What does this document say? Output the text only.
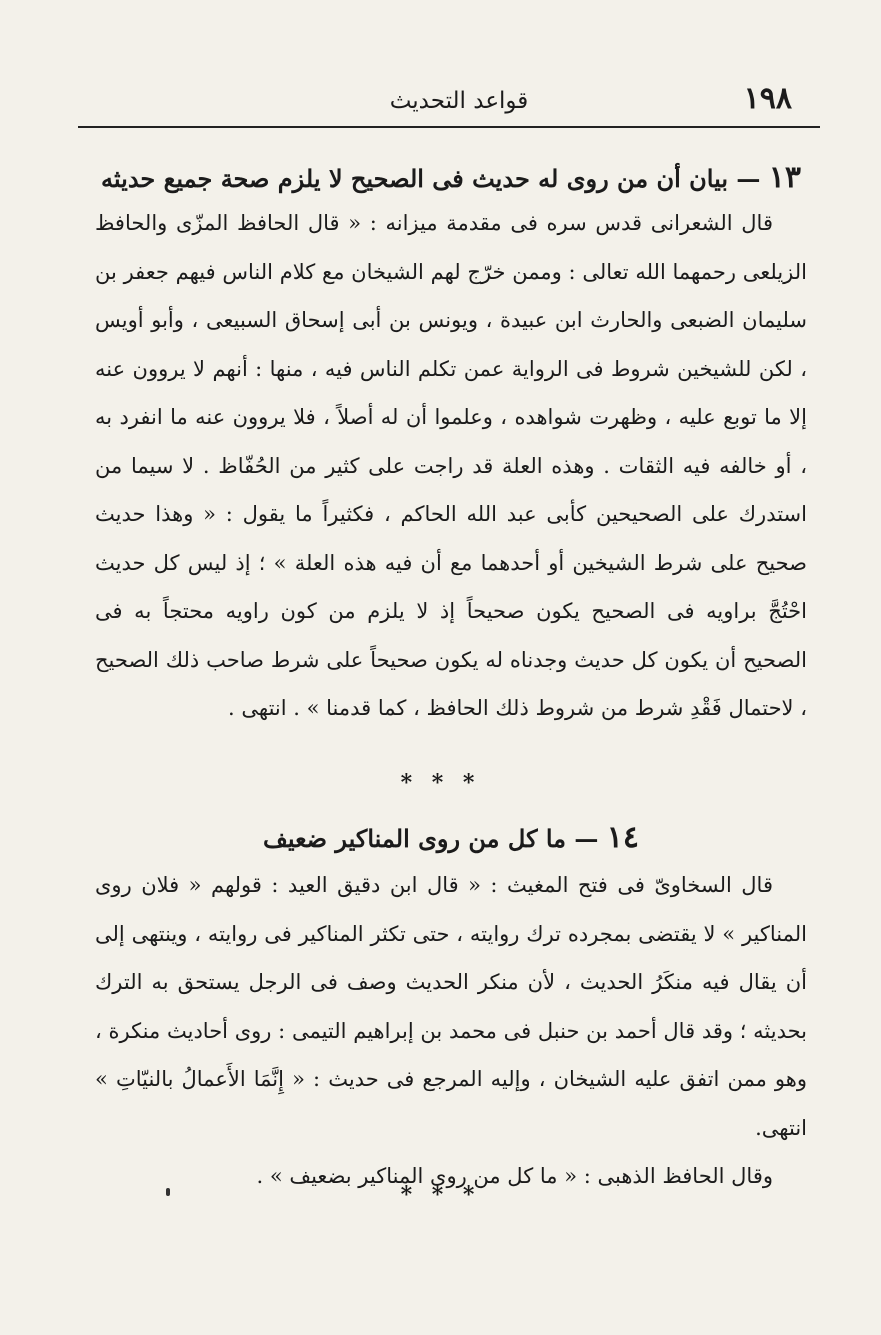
١٩٨
قواعد التحديث
١٣ — بيان أن من روى له حديث فى الصحيح لا يلزم صحة جميع حديثه

قال الشعرانى قدس سره فى مقدمة ميزانه : « قال الحافظ المزّى والحافظ الزيلعى رحمهما الله تعالى : وممن خرّج لهم الشيخان مع كلام الناس فيهم جعفر بن سليمان الضبعى والحارث ابن عبيدة ، ويونس بن أبى إسحاق السبيعى ، وأبو أويس ، لكن للشيخين شروط فى الرواية عمن تكلم الناس فيه ، منها : أنهم لا يروون عنه إلا ما توبع عليه ، وظهرت شواهده ، وعلموا أن له أصلاً ، فلا يروون عنه ما انفرد به ، أو خالفه فيه الثقات . وهذه العلة قد راجت على كثير من الحُفّاظ . لا سيما من استدرك على الصحيحين كأبى عبد الله الحاكم ، فكثيراً ما يقول : « وهذا حديث صحيح على شرط الشيخين أو أحدهما مع أن فيه هذه العلة » ؛ إذ ليس كل حديث احْتُجَّ براويه فى الصحيح يكون صحيحاً إذ لا يلزم من كون راويه محتجاً به فى الصحيح أن يكون كل حديث وجدناه له يكون صحيحاً على شرط صاحب ذلك الصحيح ، لاحتمال فَقْدِ شرط من شروط ذلك الحافظ ، كما قدمنا » . انتهى .

* * *
١٤ — ما كل من روى المناكير ضعيف

قال السخاوىّ فى فتح المغيث : « قال ابن دقيق العيد : قولهم « فلان روى المناكير » لا يقتضى بمجرده ترك روايته ، حتى تكثر المناكير فى روايته ، وينتهى إلى أن يقال فيه منكَرُ الحديث ، لأن منكر الحديث وصف فى الرجل يستحق به الترك بحديثه ؛ وقد قال أحمد بن حنبل فى محمد بن إبراهيم التيمى : روى أحاديث منكرة ، وهو ممن اتفق عليه الشيخان ، وإليه المرجع فى حديث : « إِنَّمَا الأَعمالُ بالنيّاتِ » انتهى.

وقال الحافظ الذهبى : « ما كل من روى المناكير بضعيف » .

* * *
